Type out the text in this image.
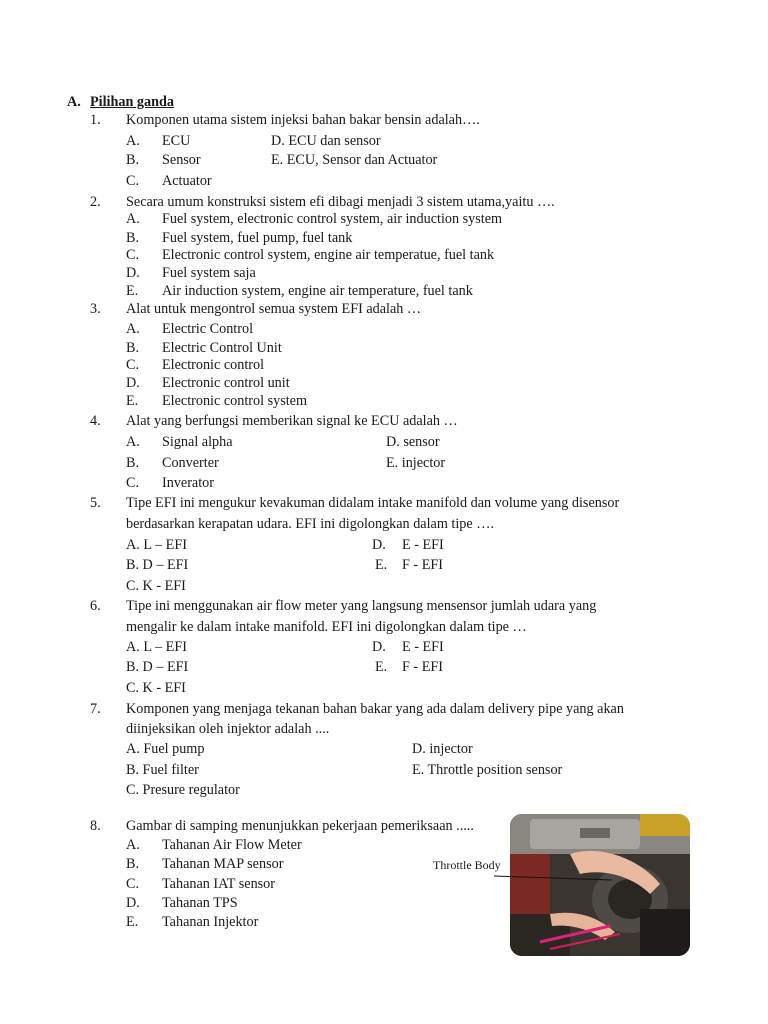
A. Pilihan ganda
1. Komponen utama sistem injeksi bahan bakar bensin adalah….
A. ECU	D. ECU dan sensor
B. Sensor	E. ECU, Sensor dan Actuator
C. Actuator
2. Secara umum konstruksi sistem efi dibagi menjadi 3 sistem utama,yaitu ….
A. Fuel system, electronic control system, air induction system
B. Fuel system, fuel pump, fuel tank
C. Electronic control system, engine air temperatue, fuel tank
D. Fuel system saja
E. Air induction system, engine air temperature, fuel tank
3. Alat untuk mengontrol semua system EFI adalah …
A. Electric Control
B. Electric Control Unit
C. Electronic control
D. Electronic control unit
E. Electronic control system
4. Alat yang berfungsi memberikan signal ke ECU adalah …
A. Signal alpha	D. sensor
B. Converter	E. injector
C. Inverator
5. Tipe EFI ini mengukur kevakuman didalam intake manifold dan volume yang disensor
berdasarkan kerapatan udara. EFI ini digolongkan dalam tipe ….
A. L – EFI	D. E - EFI
B. D – EFI	E. F - EFI
C. K - EFI
6. Tipe ini menggunakan air flow meter yang langsung mensensor jumlah udara yang
mengalir ke dalam intake manifold. EFI ini digolongkan dalam tipe …
A. L – EFI	D. E - EFI
B. D – EFI	E. F - EFI
C. K - EFI
7. Komponen yang menjaga tekanan bahan bakar yang ada dalam delivery pipe yang akan
diinjeksikan oleh injektor adalah ....
A. Fuel pump	D. injector
B. Fuel filter	E. Throttle position sensor
C. Presure regulator
8. Gambar di samping menunjukkan pekerjaan pemeriksaan .....
A. Tahanan Air Flow Meter
B. Tahanan MAP sensor
C. Tahanan IAT sensor
D. Tahanan TPS
E. Tahanan Injektor
Throttle Body
